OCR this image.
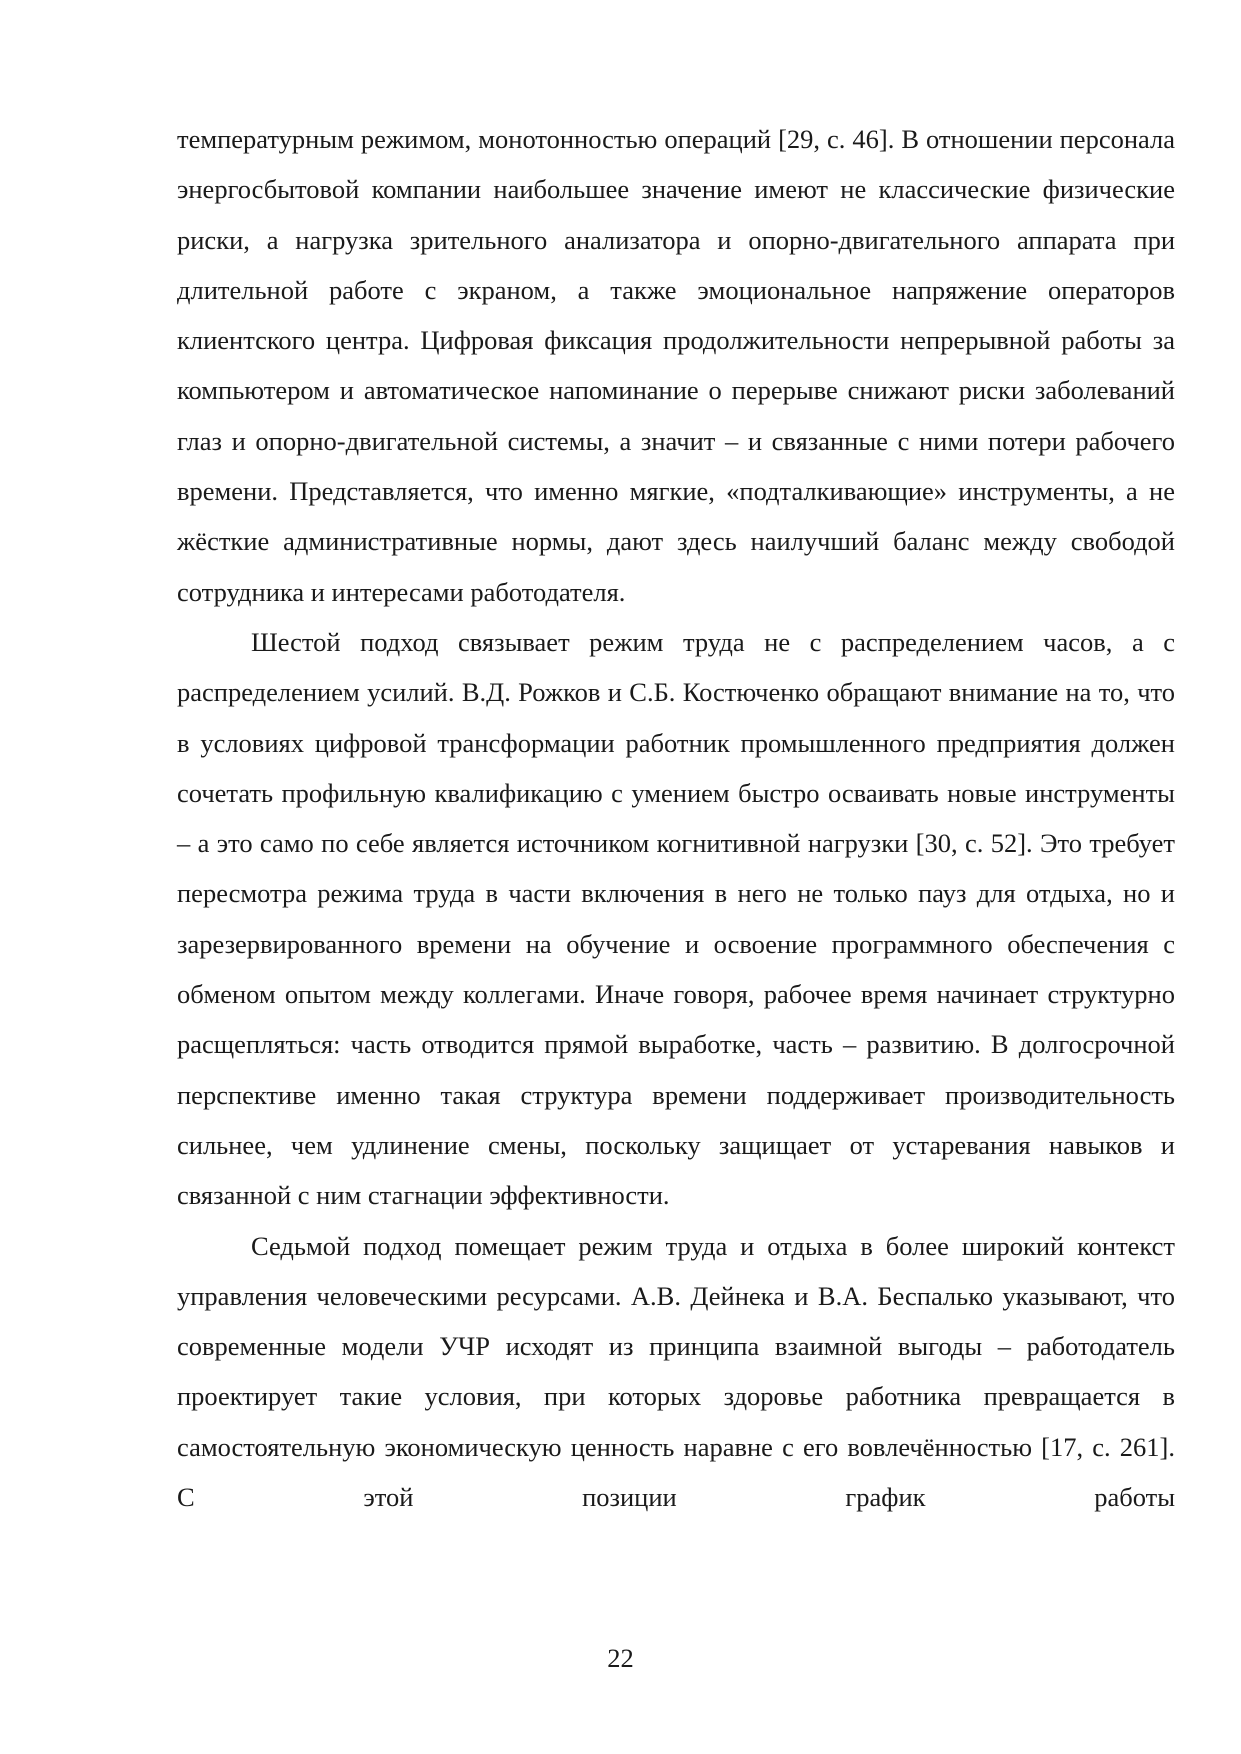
температурным режимом, монотонностью операций [29, с. 46]. В отношении персонала энергосбытовой компании наибольшее значение имеют не классические физические риски, а нагрузка зрительного анализатора и опорно-двигательного аппарата при длительной работе с экраном, а также эмоциональное напряжение операторов клиентского центра. Цифровая фиксация продолжительности непрерывной работы за компьютером и автоматическое напоминание о перерыве снижают риски заболеваний глаз и опорно-двигательной системы, а значит – и связанные с ними потери рабочего времени. Представляется, что именно мягкие, «подталкивающие» инструменты, а не жёсткие административные нормы, дают здесь наилучший баланс между свободой сотрудника и интересами работодателя.

Шестой подход связывает режим труда не с распределением часов, а с распределением усилий. В.Д. Рожков и С.Б. Костюченко обращают внимание на то, что в условиях цифровой трансформации работник промышленного предприятия должен сочетать профильную квалификацию с умением быстро осваивать новые инструменты – а это само по себе является источником когнитивной нагрузки [30, с. 52]. Это требует пересмотра режима труда в части включения в него не только пауз для отдыха, но и зарезервированного времени на обучение и освоение программного обеспечения с обменом опытом между коллегами. Иначе говоря, рабочее время начинает структурно расщепляться: часть отводится прямой выработке, часть – развитию. В долгосрочной перспективе именно такая структура времени поддерживает производительность сильнее, чем удлинение смены, поскольку защищает от устаревания навыков и связанной с ним стагнации эффективности.

Седьмой подход помещает режим труда и отдыха в более широкий контекст управления человеческими ресурсами. А.В. Дейнека и В.А. Беспалько указывают, что современные модели УЧР исходят из принципа взаимной выгоды – работодатель проектирует такие условия, при которых здоровье работника превращается в самостоятельную экономическую ценность наравне с его вовлечённостью [17, с. 261]. С этой позиции график работы

22
